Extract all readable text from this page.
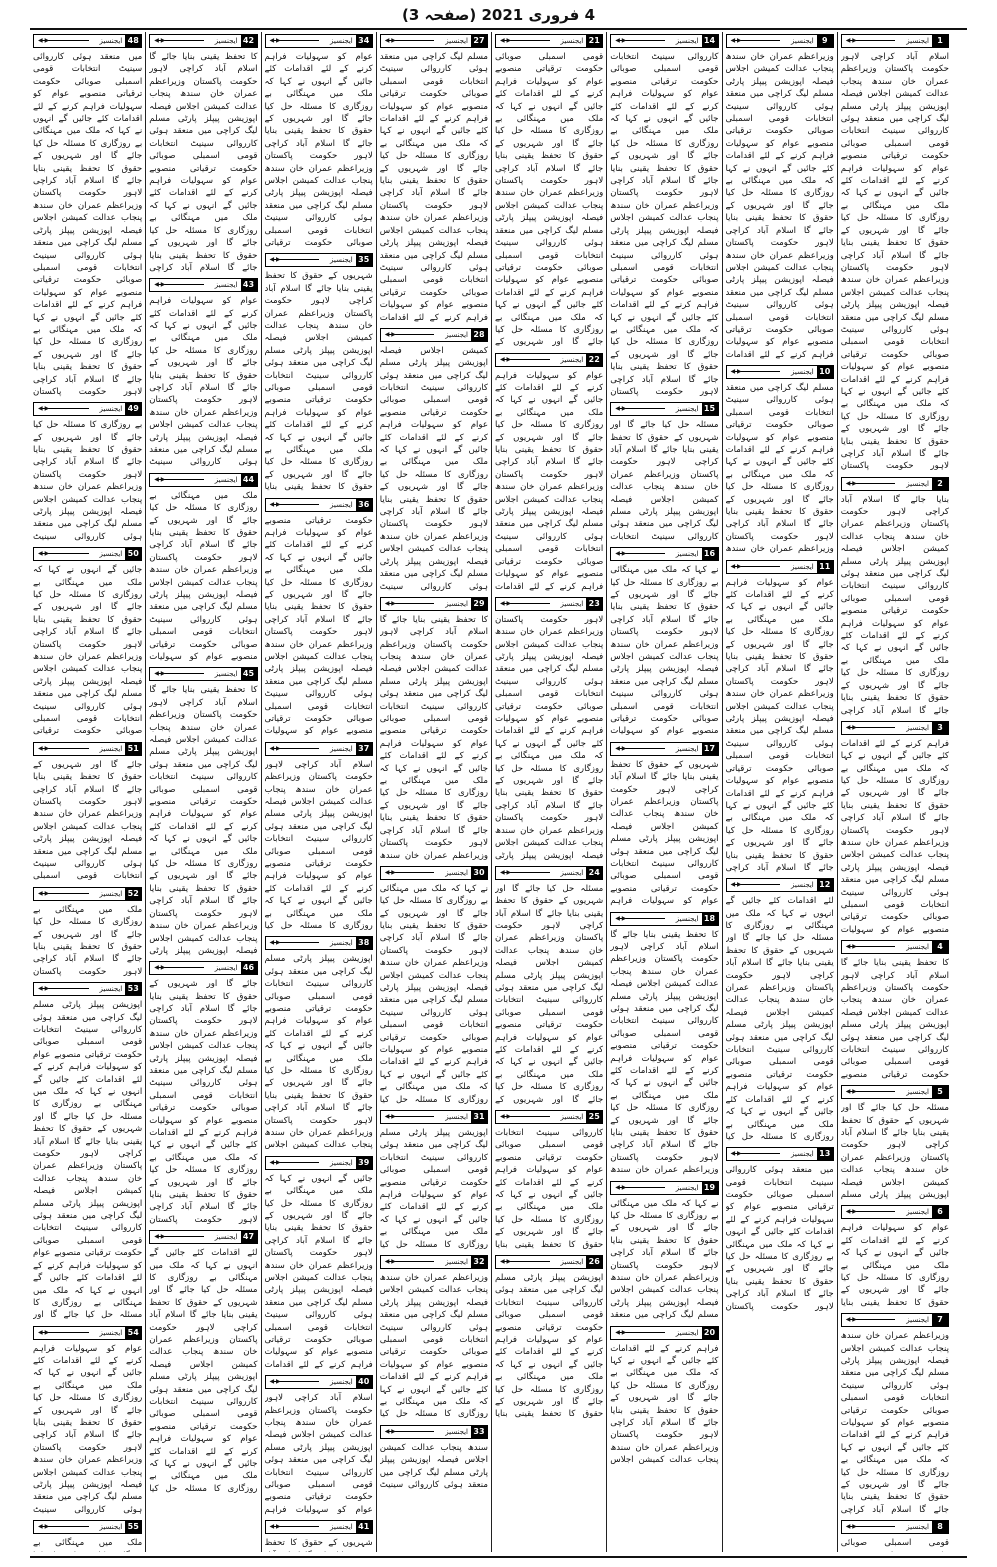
4 فروری 2021 (صفحہ 3)
1
ایجنسیز
◀ ▶
اسلام آباد کراچی لاہور حکومت پاکستان وزیراعظم عمران خان سندھ پنجاب عدالت کمیشن اجلاس فیصلہ اپوزیشن پیپلز پارٹی مسلم لیگ کراچی میں منعقد ہوئی کارروائی سینیٹ انتخابات قومی اسمبلی صوبائی حکومت ترقیاتی منصوبے عوام کو سہولیات فراہم کرنے کے لئے اقدامات کئے جائیں گے انہوں نے کہا کہ ملک میں مہنگائی بے روزگاری کا مسئلہ حل کیا جائے گا اور شہریوں کے حقوق کا تحفظ یقینی بنایا جائے گا اسلام آباد کراچی لاہور حکومت پاکستان وزیراعظم عمران خان سندھ پنجاب عدالت کمیشن اجلاس فیصلہ اپوزیشن پیپلز پارٹی مسلم لیگ کراچی میں منعقد ہوئی کارروائی سینیٹ انتخابات قومی اسمبلی صوبائی حکومت ترقیاتی منصوبے عوام کو سہولیات فراہم کرنے کے لئے اقدامات کئے جائیں گے انہوں نے کہا کہ ملک میں مہنگائی بے روزگاری کا مسئلہ حل کیا جائے گا اور شہریوں کے حقوق کا تحفظ یقینی بنایا جائے گا اسلام آباد کراچی لاہور حکومت پاکستان
2
ایجنسیز
◀ ▶
بنایا جائے گا اسلام آباد کراچی لاہور حکومت پاکستان وزیراعظم عمران خان سندھ پنجاب عدالت کمیشن اجلاس فیصلہ اپوزیشن پیپلز پارٹی مسلم لیگ کراچی میں منعقد ہوئی کارروائی سینیٹ انتخابات قومی اسمبلی صوبائی حکومت ترقیاتی منصوبے عوام کو سہولیات فراہم کرنے کے لئے اقدامات کئے جائیں گے انہوں نے کہا کہ ملک میں مہنگائی بے روزگاری کا مسئلہ حل کیا جائے گا اور شہریوں کے حقوق کا تحفظ یقینی بنایا جائے گا اسلام آباد کراچی
3
ایجنسیز
◀ ▶
فراہم کرنے کے لئے اقدامات کئے جائیں گے انہوں نے کہا کہ ملک میں مہنگائی بے روزگاری کا مسئلہ حل کیا جائے گا اور شہریوں کے حقوق کا تحفظ یقینی بنایا جائے گا اسلام آباد کراچی لاہور حکومت پاکستان وزیراعظم عمران خان سندھ پنجاب عدالت کمیشن اجلاس فیصلہ اپوزیشن پیپلز پارٹی مسلم لیگ کراچی میں منعقد ہوئی کارروائی سینیٹ انتخابات قومی اسمبلی صوبائی حکومت ترقیاتی منصوبے عوام کو سہولیات
4
ایجنسیز
◀ ▶
کا تحفظ یقینی بنایا جائے گا اسلام آباد کراچی لاہور حکومت پاکستان وزیراعظم عمران خان سندھ پنجاب عدالت کمیشن اجلاس فیصلہ اپوزیشن پیپلز پارٹی مسلم لیگ کراچی میں منعقد ہوئی کارروائی سینیٹ انتخابات قومی اسمبلی صوبائی حکومت ترقیاتی منصوبے
5
ایجنسیز
◀ ▶
مسئلہ حل کیا جائے گا اور شہریوں کے حقوق کا تحفظ یقینی بنایا جائے گا اسلام آباد کراچی لاہور حکومت پاکستان وزیراعظم عمران خان سندھ پنجاب عدالت کمیشن اجلاس فیصلہ اپوزیشن پیپلز پارٹی مسلم
6
ایجنسیز
◀ ▶
عوام کو سہولیات فراہم کرنے کے لئے اقدامات کئے جائیں گے انہوں نے کہا کہ ملک میں مہنگائی بے روزگاری کا مسئلہ حل کیا جائے گا اور شہریوں کے حقوق کا تحفظ یقینی بنایا
7
ایجنسیز
◀ ▶
وزیراعظم عمران خان سندھ پنجاب عدالت کمیشن اجلاس فیصلہ اپوزیشن پیپلز پارٹی مسلم لیگ کراچی میں منعقد ہوئی کارروائی سینیٹ انتخابات قومی اسمبلی صوبائی حکومت ترقیاتی منصوبے عوام کو سہولیات فراہم کرنے کے لئے اقدامات کئے جائیں گے انہوں نے کہا کہ ملک میں مہنگائی بے روزگاری کا مسئلہ حل کیا جائے گا اور شہریوں کے حقوق کا تحفظ یقینی بنایا جائے گا اسلام آباد کراچی
8
ایجنسیز
◀ ▶
قومی اسمبلی صوبائی
9
ایجنسیز
◀ ▶
وزیراعظم عمران خان سندھ پنجاب عدالت کمیشن اجلاس فیصلہ اپوزیشن پیپلز پارٹی مسلم لیگ کراچی میں منعقد ہوئی کارروائی سینیٹ انتخابات قومی اسمبلی صوبائی حکومت ترقیاتی منصوبے عوام کو سہولیات فراہم کرنے کے لئے اقدامات کئے جائیں گے انہوں نے کہا کہ ملک میں مہنگائی بے روزگاری کا مسئلہ حل کیا جائے گا اور شہریوں کے حقوق کا تحفظ یقینی بنایا جائے گا اسلام آباد کراچی لاہور حکومت پاکستان وزیراعظم عمران خان سندھ پنجاب عدالت کمیشن اجلاس فیصلہ اپوزیشن پیپلز پارٹی مسلم لیگ کراچی میں منعقد ہوئی کارروائی سینیٹ انتخابات قومی اسمبلی صوبائی حکومت ترقیاتی منصوبے عوام کو سہولیات فراہم کرنے کے لئے اقدامات
10
ایجنسیز
◀ ▶
مسلم لیگ کراچی میں منعقد ہوئی کارروائی سینیٹ انتخابات قومی اسمبلی صوبائی حکومت ترقیاتی منصوبے عوام کو سہولیات فراہم کرنے کے لئے اقدامات کئے جائیں گے انہوں نے کہا کہ ملک میں مہنگائی بے روزگاری کا مسئلہ حل کیا جائے گا اور شہریوں کے حقوق کا تحفظ یقینی بنایا جائے گا اسلام آباد کراچی لاہور حکومت پاکستان وزیراعظم عمران خان سندھ
11
ایجنسیز
◀ ▶
عوام کو سہولیات فراہم کرنے کے لئے اقدامات کئے جائیں گے انہوں نے کہا کہ ملک میں مہنگائی بے روزگاری کا مسئلہ حل کیا جائے گا اور شہریوں کے حقوق کا تحفظ یقینی بنایا جائے گا اسلام آباد کراچی لاہور حکومت پاکستان وزیراعظم عمران خان سندھ پنجاب عدالت کمیشن اجلاس فیصلہ اپوزیشن پیپلز پارٹی مسلم لیگ کراچی میں منعقد ہوئی کارروائی سینیٹ انتخابات قومی اسمبلی صوبائی حکومت ترقیاتی منصوبے عوام کو سہولیات فراہم کرنے کے لئے اقدامات کئے جائیں گے انہوں نے کہا کہ ملک میں مہنگائی بے روزگاری کا مسئلہ حل کیا جائے گا اور شہریوں کے حقوق کا تحفظ یقینی بنایا جائے گا اسلام آباد کراچی
12
ایجنسیز
◀ ▶
لئے اقدامات کئے جائیں گے انہوں نے کہا کہ ملک میں مہنگائی بے روزگاری کا مسئلہ حل کیا جائے گا اور شہریوں کے حقوق کا تحفظ یقینی بنایا جائے گا اسلام آباد کراچی لاہور حکومت پاکستان وزیراعظم عمران خان سندھ پنجاب عدالت کمیشن اجلاس فیصلہ اپوزیشن پیپلز پارٹی مسلم لیگ کراچی میں منعقد ہوئی کارروائی سینیٹ انتخابات قومی اسمبلی صوبائی حکومت ترقیاتی منصوبے عوام کو سہولیات فراہم کرنے کے لئے اقدامات کئے جائیں گے انہوں نے کہا کہ ملک میں مہنگائی بے روزگاری کا مسئلہ حل کیا
13
ایجنسیز
◀ ▶
میں منعقد ہوئی کارروائی سینیٹ انتخابات قومی اسمبلی صوبائی حکومت ترقیاتی منصوبے عوام کو سہولیات فراہم کرنے کے لئے اقدامات کئے جائیں گے انہوں نے کہا کہ ملک میں مہنگائی بے روزگاری کا مسئلہ حل کیا جائے گا اور شہریوں کے حقوق کا تحفظ یقینی بنایا جائے گا اسلام آباد کراچی لاہور حکومت پاکستان
14
ایجنسیز
◀ ▶
کارروائی سینیٹ انتخابات قومی اسمبلی صوبائی حکومت ترقیاتی منصوبے عوام کو سہولیات فراہم کرنے کے لئے اقدامات کئے جائیں گے انہوں نے کہا کہ ملک میں مہنگائی بے روزگاری کا مسئلہ حل کیا جائے گا اور شہریوں کے حقوق کا تحفظ یقینی بنایا جائے گا اسلام آباد کراچی لاہور حکومت پاکستان وزیراعظم عمران خان سندھ پنجاب عدالت کمیشن اجلاس فیصلہ اپوزیشن پیپلز پارٹی مسلم لیگ کراچی میں منعقد ہوئی کارروائی سینیٹ انتخابات قومی اسمبلی صوبائی حکومت ترقیاتی منصوبے عوام کو سہولیات فراہم کرنے کے لئے اقدامات کئے جائیں گے انہوں نے کہا کہ ملک میں مہنگائی بے روزگاری کا مسئلہ حل کیا جائے گا اور شہریوں کے حقوق کا تحفظ یقینی بنایا جائے گا اسلام آباد کراچی لاہور حکومت پاکستان
15
ایجنسیز
◀ ▶
مسئلہ حل کیا جائے گا اور شہریوں کے حقوق کا تحفظ یقینی بنایا جائے گا اسلام آباد کراچی لاہور حکومت پاکستان وزیراعظم عمران خان سندھ پنجاب عدالت کمیشن اجلاس فیصلہ اپوزیشن پیپلز پارٹی مسلم لیگ کراچی میں منعقد ہوئی کارروائی سینیٹ انتخابات
16
ایجنسیز
◀ ▶
نے کہا کہ ملک میں مہنگائی بے روزگاری کا مسئلہ حل کیا جائے گا اور شہریوں کے حقوق کا تحفظ یقینی بنایا جائے گا اسلام آباد کراچی لاہور حکومت پاکستان وزیراعظم عمران خان سندھ پنجاب عدالت کمیشن اجلاس فیصلہ اپوزیشن پیپلز پارٹی مسلم لیگ کراچی میں منعقد ہوئی کارروائی سینیٹ انتخابات قومی اسمبلی صوبائی حکومت ترقیاتی منصوبے عوام کو سہولیات
17
ایجنسیز
◀ ▶
شہریوں کے حقوق کا تحفظ یقینی بنایا جائے گا اسلام آباد کراچی لاہور حکومت پاکستان وزیراعظم عمران خان سندھ پنجاب عدالت کمیشن اجلاس فیصلہ اپوزیشن پیپلز پارٹی مسلم لیگ کراچی میں منعقد ہوئی کارروائی سینیٹ انتخابات قومی اسمبلی صوبائی حکومت ترقیاتی منصوبے عوام کو سہولیات فراہم
18
ایجنسیز
◀ ▶
کا تحفظ یقینی بنایا جائے گا اسلام آباد کراچی لاہور حکومت پاکستان وزیراعظم عمران خان سندھ پنجاب عدالت کمیشن اجلاس فیصلہ اپوزیشن پیپلز پارٹی مسلم لیگ کراچی میں منعقد ہوئی کارروائی سینیٹ انتخابات قومی اسمبلی صوبائی حکومت ترقیاتی منصوبے عوام کو سہولیات فراہم کرنے کے لئے اقدامات کئے جائیں گے انہوں نے کہا کہ ملک میں مہنگائی بے روزگاری کا مسئلہ حل کیا جائے گا اور شہریوں کے حقوق کا تحفظ یقینی بنایا جائے گا اسلام آباد کراچی لاہور حکومت پاکستان وزیراعظم عمران خان سندھ
19
ایجنسیز
◀ ▶
نے کہا کہ ملک میں مہنگائی بے روزگاری کا مسئلہ حل کیا جائے گا اور شہریوں کے حقوق کا تحفظ یقینی بنایا جائے گا اسلام آباد کراچی لاہور حکومت پاکستان وزیراعظم عمران خان سندھ پنجاب عدالت کمیشن اجلاس فیصلہ اپوزیشن پیپلز پارٹی مسلم لیگ کراچی میں منعقد
20
ایجنسیز
◀ ▶
فراہم کرنے کے لئے اقدامات کئے جائیں گے انہوں نے کہا کہ ملک میں مہنگائی بے روزگاری کا مسئلہ حل کیا جائے گا اور شہریوں کے حقوق کا تحفظ یقینی بنایا جائے گا اسلام آباد کراچی لاہور حکومت پاکستان وزیراعظم عمران خان سندھ پنجاب عدالت کمیشن اجلاس
21
ایجنسیز
◀ ▶
قومی اسمبلی صوبائی حکومت ترقیاتی منصوبے عوام کو سہولیات فراہم کرنے کے لئے اقدامات کئے جائیں گے انہوں نے کہا کہ ملک میں مہنگائی بے روزگاری کا مسئلہ حل کیا جائے گا اور شہریوں کے حقوق کا تحفظ یقینی بنایا جائے گا اسلام آباد کراچی لاہور حکومت پاکستان وزیراعظم عمران خان سندھ پنجاب عدالت کمیشن اجلاس فیصلہ اپوزیشن پیپلز پارٹی مسلم لیگ کراچی میں منعقد ہوئی کارروائی سینیٹ انتخابات قومی اسمبلی صوبائی حکومت ترقیاتی منصوبے عوام کو سہولیات فراہم کرنے کے لئے اقدامات کئے جائیں گے انہوں نے کہا کہ ملک میں مہنگائی بے روزگاری کا مسئلہ حل کیا جائے گا اور شہریوں کے
22
ایجنسیز
◀ ▶
عوام کو سہولیات فراہم کرنے کے لئے اقدامات کئے جائیں گے انہوں نے کہا کہ ملک میں مہنگائی بے روزگاری کا مسئلہ حل کیا جائے گا اور شہریوں کے حقوق کا تحفظ یقینی بنایا جائے گا اسلام آباد کراچی لاہور حکومت پاکستان وزیراعظم عمران خان سندھ پنجاب عدالت کمیشن اجلاس فیصلہ اپوزیشن پیپلز پارٹی مسلم لیگ کراچی میں منعقد ہوئی کارروائی سینیٹ انتخابات قومی اسمبلی صوبائی حکومت ترقیاتی منصوبے عوام کو سہولیات فراہم کرنے کے لئے اقدامات
23
ایجنسیز
◀ ▶
لاہور حکومت پاکستان وزیراعظم عمران خان سندھ پنجاب عدالت کمیشن اجلاس فیصلہ اپوزیشن پیپلز پارٹی مسلم لیگ کراچی میں منعقد ہوئی کارروائی سینیٹ انتخابات قومی اسمبلی صوبائی حکومت ترقیاتی منصوبے عوام کو سہولیات فراہم کرنے کے لئے اقدامات کئے جائیں گے انہوں نے کہا کہ ملک میں مہنگائی بے روزگاری کا مسئلہ حل کیا جائے گا اور شہریوں کے حقوق کا تحفظ یقینی بنایا جائے گا اسلام آباد کراچی لاہور حکومت پاکستان وزیراعظم عمران خان سندھ پنجاب عدالت کمیشن اجلاس فیصلہ اپوزیشن پیپلز پارٹی
24
ایجنسیز
◀ ▶
مسئلہ حل کیا جائے گا اور شہریوں کے حقوق کا تحفظ یقینی بنایا جائے گا اسلام آباد کراچی لاہور حکومت پاکستان وزیراعظم عمران خان سندھ پنجاب عدالت کمیشن اجلاس فیصلہ اپوزیشن پیپلز پارٹی مسلم لیگ کراچی میں منعقد ہوئی کارروائی سینیٹ انتخابات قومی اسمبلی صوبائی حکومت ترقیاتی منصوبے عوام کو سہولیات فراہم کرنے کے لئے اقدامات کئے جائیں گے انہوں نے کہا کہ ملک میں مہنگائی بے روزگاری کا مسئلہ حل کیا جائے گا اور شہریوں کے
25
ایجنسیز
◀ ▶
کارروائی سینیٹ انتخابات قومی اسمبلی صوبائی حکومت ترقیاتی منصوبے عوام کو سہولیات فراہم کرنے کے لئے اقدامات کئے جائیں گے انہوں نے کہا کہ ملک میں مہنگائی بے روزگاری کا مسئلہ حل کیا جائے گا اور شہریوں کے حقوق کا تحفظ یقینی بنایا
26
ایجنسیز
◀ ▶
اپوزیشن پیپلز پارٹی مسلم لیگ کراچی میں منعقد ہوئی کارروائی سینیٹ انتخابات قومی اسمبلی صوبائی حکومت ترقیاتی منصوبے عوام کو سہولیات فراہم کرنے کے لئے اقدامات کئے جائیں گے انہوں نے کہا کہ ملک میں مہنگائی بے روزگاری کا مسئلہ حل کیا جائے گا اور شہریوں کے حقوق کا تحفظ یقینی بنایا
27
ایجنسیز
◀ ▶
مسلم لیگ کراچی میں منعقد ہوئی کارروائی سینیٹ انتخابات قومی اسمبلی صوبائی حکومت ترقیاتی منصوبے عوام کو سہولیات فراہم کرنے کے لئے اقدامات کئے جائیں گے انہوں نے کہا کہ ملک میں مہنگائی بے روزگاری کا مسئلہ حل کیا جائے گا اور شہریوں کے حقوق کا تحفظ یقینی بنایا جائے گا اسلام آباد کراچی لاہور حکومت پاکستان وزیراعظم عمران خان سندھ پنجاب عدالت کمیشن اجلاس فیصلہ اپوزیشن پیپلز پارٹی مسلم لیگ کراچی میں منعقد ہوئی کارروائی سینیٹ انتخابات قومی اسمبلی صوبائی حکومت ترقیاتی منصوبے عوام کو سہولیات فراہم کرنے کے لئے اقدامات
28
ایجنسیز
◀ ▶
کمیشن اجلاس فیصلہ اپوزیشن پیپلز پارٹی مسلم لیگ کراچی میں منعقد ہوئی کارروائی سینیٹ انتخابات قومی اسمبلی صوبائی حکومت ترقیاتی منصوبے عوام کو سہولیات فراہم کرنے کے لئے اقدامات کئے جائیں گے انہوں نے کہا کہ ملک میں مہنگائی بے روزگاری کا مسئلہ حل کیا جائے گا اور شہریوں کے حقوق کا تحفظ یقینی بنایا جائے گا اسلام آباد کراچی لاہور حکومت پاکستان وزیراعظم عمران خان سندھ پنجاب عدالت کمیشن اجلاس فیصلہ اپوزیشن پیپلز پارٹی مسلم لیگ کراچی میں منعقد ہوئی کارروائی سینیٹ
29
ایجنسیز
◀ ▶
کا تحفظ یقینی بنایا جائے گا اسلام آباد کراچی لاہور حکومت پاکستان وزیراعظم عمران خان سندھ پنجاب عدالت کمیشن اجلاس فیصلہ اپوزیشن پیپلز پارٹی مسلم لیگ کراچی میں منعقد ہوئی کارروائی سینیٹ انتخابات قومی اسمبلی صوبائی حکومت ترقیاتی منصوبے عوام کو سہولیات فراہم کرنے کے لئے اقدامات کئے جائیں گے انہوں نے کہا کہ ملک میں مہنگائی بے روزگاری کا مسئلہ حل کیا جائے گا اور شہریوں کے حقوق کا تحفظ یقینی بنایا جائے گا اسلام آباد کراچی لاہور حکومت پاکستان وزیراعظم عمران خان سندھ
30
ایجنسیز
◀ ▶
نے کہا کہ ملک میں مہنگائی بے روزگاری کا مسئلہ حل کیا جائے گا اور شہریوں کے حقوق کا تحفظ یقینی بنایا جائے گا اسلام آباد کراچی لاہور حکومت پاکستان وزیراعظم عمران خان سندھ پنجاب عدالت کمیشن اجلاس فیصلہ اپوزیشن پیپلز پارٹی مسلم لیگ کراچی میں منعقد ہوئی کارروائی سینیٹ انتخابات قومی اسمبلی صوبائی حکومت ترقیاتی منصوبے عوام کو سہولیات فراہم کرنے کے لئے اقدامات کئے جائیں گے انہوں نے کہا کہ ملک میں مہنگائی بے روزگاری کا مسئلہ حل کیا
31
ایجنسیز
◀ ▶
اپوزیشن پیپلز پارٹی مسلم لیگ کراچی میں منعقد ہوئی کارروائی سینیٹ انتخابات قومی اسمبلی صوبائی حکومت ترقیاتی منصوبے عوام کو سہولیات فراہم کرنے کے لئے اقدامات کئے جائیں گے انہوں نے کہا کہ ملک میں مہنگائی بے روزگاری کا مسئلہ حل کیا
32
ایجنسیز
◀ ▶
وزیراعظم عمران خان سندھ پنجاب عدالت کمیشن اجلاس فیصلہ اپوزیشن پیپلز پارٹی مسلم لیگ کراچی میں منعقد ہوئی کارروائی سینیٹ انتخابات قومی اسمبلی صوبائی حکومت ترقیاتی منصوبے عوام کو سہولیات فراہم کرنے کے لئے اقدامات کئے جائیں گے انہوں نے کہا کہ ملک میں مہنگائی بے روزگاری کا مسئلہ حل کیا
33
ایجنسیز
◀ ▶
سندھ پنجاب عدالت کمیشن اجلاس فیصلہ اپوزیشن پیپلز پارٹی مسلم لیگ کراچی میں منعقد ہوئی کارروائی سینیٹ
34
ایجنسیز
◀ ▶
عوام کو سہولیات فراہم کرنے کے لئے اقدامات کئے جائیں گے انہوں نے کہا کہ ملک میں مہنگائی بے روزگاری کا مسئلہ حل کیا جائے گا اور شہریوں کے حقوق کا تحفظ یقینی بنایا جائے گا اسلام آباد کراچی لاہور حکومت پاکستان وزیراعظم عمران خان سندھ پنجاب عدالت کمیشن اجلاس فیصلہ اپوزیشن پیپلز پارٹی مسلم لیگ کراچی میں منعقد ہوئی کارروائی سینیٹ انتخابات قومی اسمبلی صوبائی حکومت ترقیاتی
35
ایجنسیز
◀ ▶
شہریوں کے حقوق کا تحفظ یقینی بنایا جائے گا اسلام آباد کراچی لاہور حکومت پاکستان وزیراعظم عمران خان سندھ پنجاب عدالت کمیشن اجلاس فیصلہ اپوزیشن پیپلز پارٹی مسلم لیگ کراچی میں منعقد ہوئی کارروائی سینیٹ انتخابات قومی اسمبلی صوبائی حکومت ترقیاتی منصوبے عوام کو سہولیات فراہم کرنے کے لئے اقدامات کئے جائیں گے انہوں نے کہا کہ ملک میں مہنگائی بے روزگاری کا مسئلہ حل کیا جائے گا اور شہریوں کے حقوق کا تحفظ یقینی بنایا
36
ایجنسیز
◀ ▶
حکومت ترقیاتی منصوبے عوام کو سہولیات فراہم کرنے کے لئے اقدامات کئے جائیں گے انہوں نے کہا کہ ملک میں مہنگائی بے روزگاری کا مسئلہ حل کیا جائے گا اور شہریوں کے حقوق کا تحفظ یقینی بنایا جائے گا اسلام آباد کراچی لاہور حکومت پاکستان وزیراعظم عمران خان سندھ پنجاب عدالت کمیشن اجلاس فیصلہ اپوزیشن پیپلز پارٹی مسلم لیگ کراچی میں منعقد ہوئی کارروائی سینیٹ انتخابات قومی اسمبلی صوبائی حکومت ترقیاتی منصوبے عوام کو سہولیات
37
ایجنسیز
◀ ▶
اسلام آباد کراچی لاہور حکومت پاکستان وزیراعظم عمران خان سندھ پنجاب عدالت کمیشن اجلاس فیصلہ اپوزیشن پیپلز پارٹی مسلم لیگ کراچی میں منعقد ہوئی کارروائی سینیٹ انتخابات قومی اسمبلی صوبائی حکومت ترقیاتی منصوبے عوام کو سہولیات فراہم کرنے کے لئے اقدامات کئے جائیں گے انہوں نے کہا کہ ملک میں مہنگائی بے روزگاری کا مسئلہ حل کیا
38
ایجنسیز
◀ ▶
اپوزیشن پیپلز پارٹی مسلم لیگ کراچی میں منعقد ہوئی کارروائی سینیٹ انتخابات قومی اسمبلی صوبائی حکومت ترقیاتی منصوبے عوام کو سہولیات فراہم کرنے کے لئے اقدامات کئے جائیں گے انہوں نے کہا کہ ملک میں مہنگائی بے روزگاری کا مسئلہ حل کیا جائے گا اور شہریوں کے حقوق کا تحفظ یقینی بنایا جائے گا اسلام آباد کراچی لاہور حکومت پاکستان وزیراعظم عمران خان سندھ پنجاب عدالت کمیشن اجلاس
39
ایجنسیز
◀ ▶
جائیں گے انہوں نے کہا کہ ملک میں مہنگائی بے روزگاری کا مسئلہ حل کیا جائے گا اور شہریوں کے حقوق کا تحفظ یقینی بنایا جائے گا اسلام آباد کراچی لاہور حکومت پاکستان وزیراعظم عمران خان سندھ پنجاب عدالت کمیشن اجلاس فیصلہ اپوزیشن پیپلز پارٹی مسلم لیگ کراچی میں منعقد ہوئی کارروائی سینیٹ انتخابات قومی اسمبلی صوبائی حکومت ترقیاتی منصوبے عوام کو سہولیات فراہم کرنے کے لئے اقدامات
40
ایجنسیز
◀ ▶
اسلام آباد کراچی لاہور حکومت پاکستان وزیراعظم عمران خان سندھ پنجاب عدالت کمیشن اجلاس فیصلہ اپوزیشن پیپلز پارٹی مسلم لیگ کراچی میں منعقد ہوئی کارروائی سینیٹ انتخابات قومی اسمبلی صوبائی حکومت ترقیاتی منصوبے عوام کو سہولیات فراہم
41
ایجنسیز
◀ ▶
شہریوں کے حقوق کا تحفظ
42
ایجنسیز
◀ ▶
کا تحفظ یقینی بنایا جائے گا اسلام آباد کراچی لاہور حکومت پاکستان وزیراعظم عمران خان سندھ پنجاب عدالت کمیشن اجلاس فیصلہ اپوزیشن پیپلز پارٹی مسلم لیگ کراچی میں منعقد ہوئی کارروائی سینیٹ انتخابات قومی اسمبلی صوبائی حکومت ترقیاتی منصوبے عوام کو سہولیات فراہم کرنے کے لئے اقدامات کئے جائیں گے انہوں نے کہا کہ ملک میں مہنگائی بے روزگاری کا مسئلہ حل کیا جائے گا اور شہریوں کے حقوق کا تحفظ یقینی بنایا جائے گا اسلام آباد کراچی
43
ایجنسیز
◀ ▶
عوام کو سہولیات فراہم کرنے کے لئے اقدامات کئے جائیں گے انہوں نے کہا کہ ملک میں مہنگائی بے روزگاری کا مسئلہ حل کیا جائے گا اور شہریوں کے حقوق کا تحفظ یقینی بنایا جائے گا اسلام آباد کراچی لاہور حکومت پاکستان وزیراعظم عمران خان سندھ پنجاب عدالت کمیشن اجلاس فیصلہ اپوزیشن پیپلز پارٹی مسلم لیگ کراچی میں منعقد ہوئی کارروائی سینیٹ
44
ایجنسیز
◀ ▶
ملک میں مہنگائی بے روزگاری کا مسئلہ حل کیا جائے گا اور شہریوں کے حقوق کا تحفظ یقینی بنایا جائے گا اسلام آباد کراچی لاہور حکومت پاکستان وزیراعظم عمران خان سندھ پنجاب عدالت کمیشن اجلاس فیصلہ اپوزیشن پیپلز پارٹی مسلم لیگ کراچی میں منعقد ہوئی کارروائی سینیٹ انتخابات قومی اسمبلی صوبائی حکومت ترقیاتی منصوبے عوام کو سہولیات
45
ایجنسیز
◀ ▶
کا تحفظ یقینی بنایا جائے گا اسلام آباد کراچی لاہور حکومت پاکستان وزیراعظم عمران خان سندھ پنجاب عدالت کمیشن اجلاس فیصلہ اپوزیشن پیپلز پارٹی مسلم لیگ کراچی میں منعقد ہوئی کارروائی سینیٹ انتخابات قومی اسمبلی صوبائی حکومت ترقیاتی منصوبے عوام کو سہولیات فراہم کرنے کے لئے اقدامات کئے جائیں گے انہوں نے کہا کہ ملک میں مہنگائی بے روزگاری کا مسئلہ حل کیا جائے گا اور شہریوں کے حقوق کا تحفظ یقینی بنایا جائے گا اسلام آباد کراچی لاہور حکومت پاکستان وزیراعظم عمران خان سندھ پنجاب عدالت کمیشن اجلاس فیصلہ اپوزیشن پیپلز پارٹی
46
ایجنسیز
◀ ▶
جائے گا اور شہریوں کے حقوق کا تحفظ یقینی بنایا جائے گا اسلام آباد کراچی لاہور حکومت پاکستان وزیراعظم عمران خان سندھ پنجاب عدالت کمیشن اجلاس فیصلہ اپوزیشن پیپلز پارٹی مسلم لیگ کراچی میں منعقد ہوئی کارروائی سینیٹ انتخابات قومی اسمبلی صوبائی حکومت ترقیاتی منصوبے عوام کو سہولیات فراہم کرنے کے لئے اقدامات کئے جائیں گے انہوں نے کہا کہ ملک میں مہنگائی بے روزگاری کا مسئلہ حل کیا جائے گا اور شہریوں کے حقوق کا تحفظ یقینی بنایا جائے گا اسلام آباد کراچی لاہور حکومت پاکستان
47
ایجنسیز
◀ ▶
لئے اقدامات کئے جائیں گے انہوں نے کہا کہ ملک میں مہنگائی بے روزگاری کا مسئلہ حل کیا جائے گا اور شہریوں کے حقوق کا تحفظ یقینی بنایا جائے گا اسلام آباد کراچی لاہور حکومت پاکستان وزیراعظم عمران خان سندھ پنجاب عدالت کمیشن اجلاس فیصلہ اپوزیشن پیپلز پارٹی مسلم لیگ کراچی میں منعقد ہوئی کارروائی سینیٹ انتخابات قومی اسمبلی صوبائی حکومت ترقیاتی منصوبے عوام کو سہولیات فراہم کرنے کے لئے اقدامات کئے جائیں گے انہوں نے کہا کہ ملک میں مہنگائی بے روزگاری کا مسئلہ حل کیا
48
ایجنسیز
◀ ▶
میں منعقد ہوئی کارروائی سینیٹ انتخابات قومی اسمبلی صوبائی حکومت ترقیاتی منصوبے عوام کو سہولیات فراہم کرنے کے لئے اقدامات کئے جائیں گے انہوں نے کہا کہ ملک میں مہنگائی بے روزگاری کا مسئلہ حل کیا جائے گا اور شہریوں کے حقوق کا تحفظ یقینی بنایا جائے گا اسلام آباد کراچی لاہور حکومت پاکستان وزیراعظم عمران خان سندھ پنجاب عدالت کمیشن اجلاس فیصلہ اپوزیشن پیپلز پارٹی مسلم لیگ کراچی میں منعقد ہوئی کارروائی سینیٹ انتخابات قومی اسمبلی صوبائی حکومت ترقیاتی منصوبے عوام کو سہولیات فراہم کرنے کے لئے اقدامات کئے جائیں گے انہوں نے کہا کہ ملک میں مہنگائی بے روزگاری کا مسئلہ حل کیا جائے گا اور شہریوں کے حقوق کا تحفظ یقینی بنایا جائے گا اسلام آباد کراچی لاہور حکومت پاکستان
49
ایجنسیز
◀ ▶
بے روزگاری کا مسئلہ حل کیا جائے گا اور شہریوں کے حقوق کا تحفظ یقینی بنایا جائے گا اسلام آباد کراچی لاہور حکومت پاکستان وزیراعظم عمران خان سندھ پنجاب عدالت کمیشن اجلاس فیصلہ اپوزیشن پیپلز پارٹی مسلم لیگ کراچی میں منعقد ہوئی کارروائی سینیٹ
50
ایجنسیز
◀ ▶
جائیں گے انہوں نے کہا کہ ملک میں مہنگائی بے روزگاری کا مسئلہ حل کیا جائے گا اور شہریوں کے حقوق کا تحفظ یقینی بنایا جائے گا اسلام آباد کراچی لاہور حکومت پاکستان وزیراعظم عمران خان سندھ پنجاب عدالت کمیشن اجلاس فیصلہ اپوزیشن پیپلز پارٹی مسلم لیگ کراچی میں منعقد ہوئی کارروائی سینیٹ انتخابات قومی اسمبلی صوبائی حکومت ترقیاتی
51
ایجنسیز
◀ ▶
جائے گا اور شہریوں کے حقوق کا تحفظ یقینی بنایا جائے گا اسلام آباد کراچی لاہور حکومت پاکستان وزیراعظم عمران خان سندھ پنجاب عدالت کمیشن اجلاس فیصلہ اپوزیشن پیپلز پارٹی مسلم لیگ کراچی میں منعقد ہوئی کارروائی سینیٹ انتخابات قومی اسمبلی
52
ایجنسیز
◀ ▶
ملک میں مہنگائی بے روزگاری کا مسئلہ حل کیا جائے گا اور شہریوں کے حقوق کا تحفظ یقینی بنایا جائے گا اسلام آباد کراچی لاہور حکومت پاکستان
53
ایجنسیز
◀ ▶
اپوزیشن پیپلز پارٹی مسلم لیگ کراچی میں منعقد ہوئی کارروائی سینیٹ انتخابات قومی اسمبلی صوبائی حکومت ترقیاتی منصوبے عوام کو سہولیات فراہم کرنے کے لئے اقدامات کئے جائیں گے انہوں نے کہا کہ ملک میں مہنگائی بے روزگاری کا مسئلہ حل کیا جائے گا اور شہریوں کے حقوق کا تحفظ یقینی بنایا جائے گا اسلام آباد کراچی لاہور حکومت پاکستان وزیراعظم عمران خان سندھ پنجاب عدالت کمیشن اجلاس فیصلہ اپوزیشن پیپلز پارٹی مسلم لیگ کراچی میں منعقد ہوئی کارروائی سینیٹ انتخابات قومی اسمبلی صوبائی حکومت ترقیاتی منصوبے عوام کو سہولیات فراہم کرنے کے لئے اقدامات کئے جائیں گے انہوں نے کہا کہ ملک میں مہنگائی بے روزگاری کا مسئلہ حل کیا جائے گا اور
54
ایجنسیز
◀ ▶
عوام کو سہولیات فراہم کرنے کے لئے اقدامات کئے جائیں گے انہوں نے کہا کہ ملک میں مہنگائی بے روزگاری کا مسئلہ حل کیا جائے گا اور شہریوں کے حقوق کا تحفظ یقینی بنایا جائے گا اسلام آباد کراچی لاہور حکومت پاکستان وزیراعظم عمران خان سندھ پنجاب عدالت کمیشن اجلاس فیصلہ اپوزیشن پیپلز پارٹی مسلم لیگ کراچی میں منعقد ہوئی کارروائی سینیٹ
55
ایجنسیز
◀ ▶
ملک میں مہنگائی بے
